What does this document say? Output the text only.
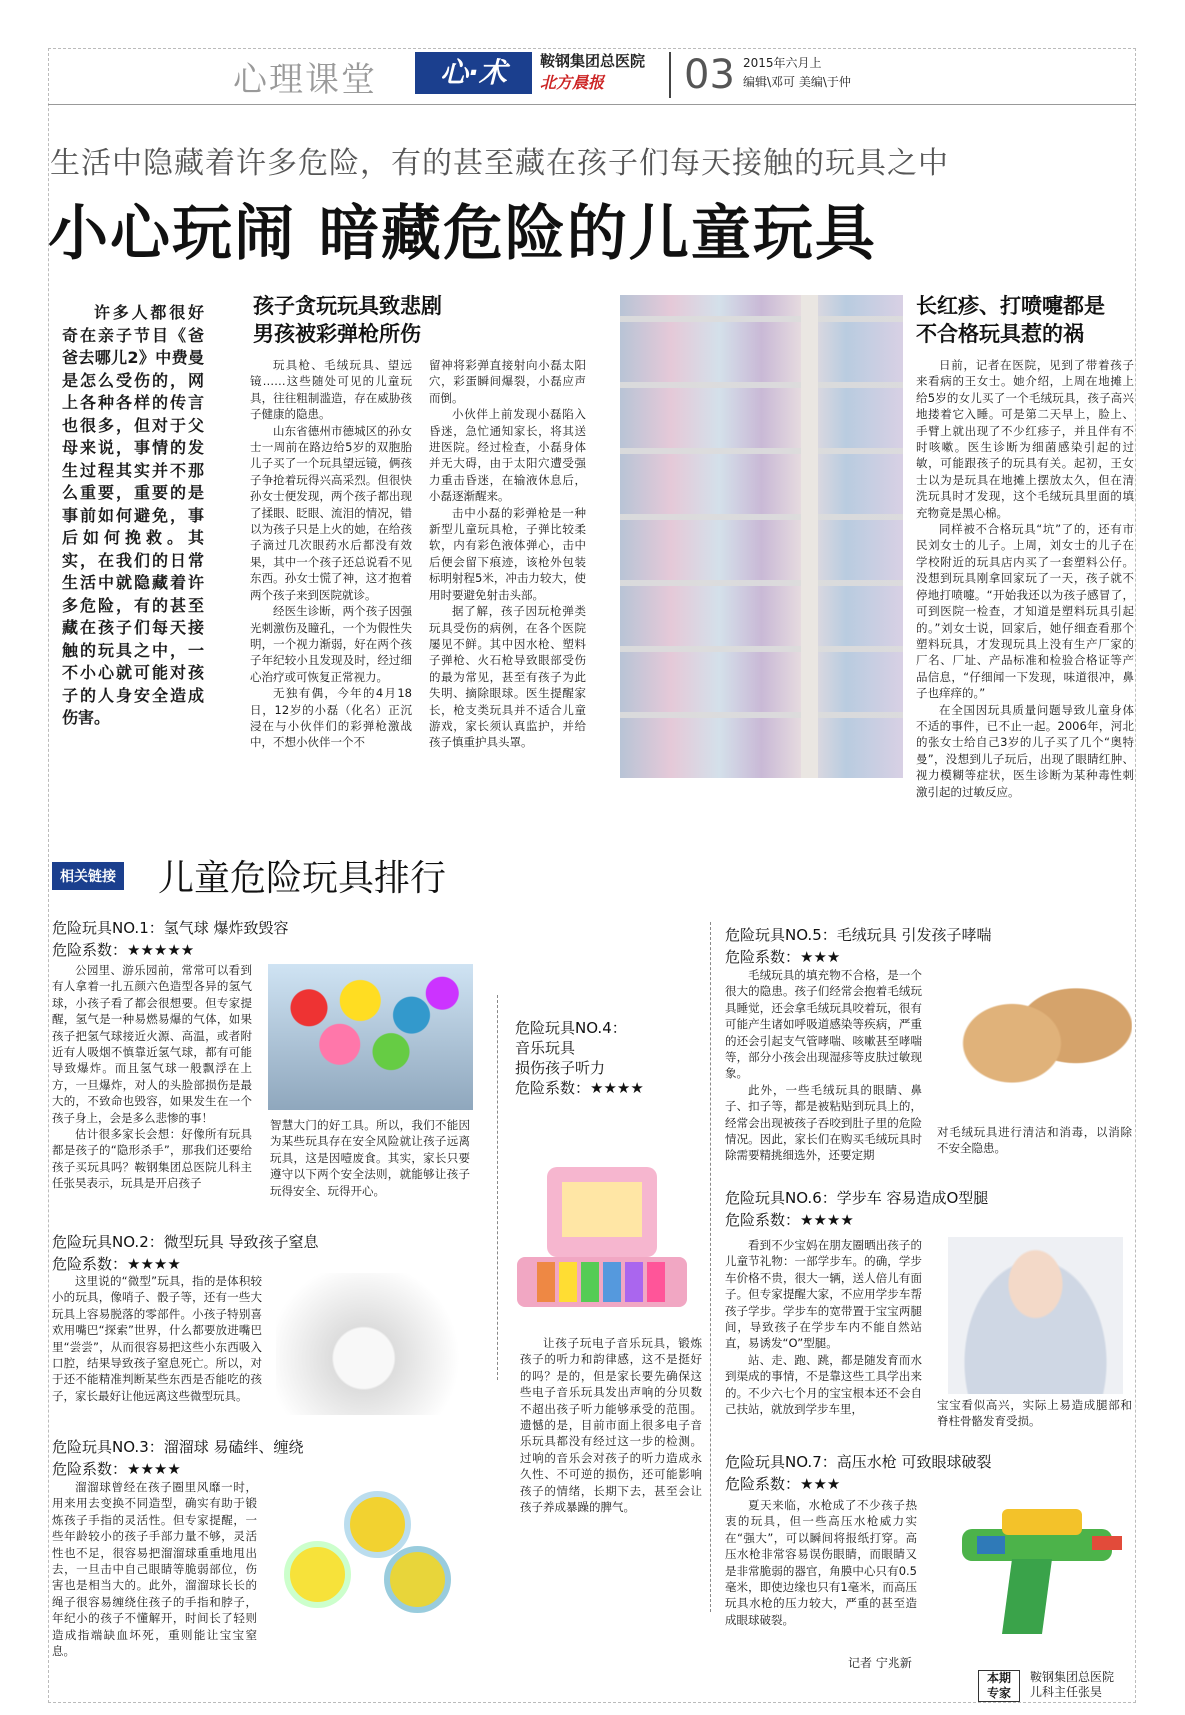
心理课堂	心·术	鞍钢集团总医院
北方晨报 03 2015年六月上
编辑\邓可 美编\于仲
生活中隐藏着许多危险，有的甚至藏在孩子们每天接触的玩具之中
小心玩闹 暗藏危险的儿童玩具
许多人都很好奇在亲子节目《爸爸去哪儿2》中费曼是怎么受伤的，网上各种各样的传言也很多，但对于父母来说，事情的发生过程其实并不那么重要，重要的是事前如何避免，事后如何挽救。其实，在我们的日常生活中就隐藏着许多危险，有的甚至藏在孩子们每天接触的玩具之中，一不小心就可能对孩子的人身安全造成伤害。
孩子贪玩玩具致悲剧
男孩被彩弹枪所伤

玩具枪、毛绒玩具、望远镜……这些随处可见的儿童玩具，往往粗制滥造，存在威胁孩子健康的隐患。

山东省德州市德城区的孙女士一周前在路边给5岁的双胞胎儿子买了一个玩具望远镜，俩孩子争抢着玩得兴高采烈。但很快孙女士便发现，两个孩子都出现了揉眼、眨眼、流泪的情况，错以为孩子只是上火的她，在给孩子滴过几次眼药水后都没有效果，其中一个孩子还总说看不见东西。孙女士慌了神，这才抱着两个孩子来到医院就诊。

经医生诊断，两个孩子因强光刺激伤及瞳孔，一个为假性失明，一个视力渐弱，好在两个孩子年纪较小且发现及时，经过细心治疗或可恢复正常视力。

无独有偶，今年的4月18日，12岁的小磊（化名）正沉浸在与小伙伴们的彩弹枪激战中，不想小伙伴一个不

留神将彩弹直接射向小磊太阳穴，彩蛋瞬间爆裂，小磊应声而倒。

小伙伴上前发现小磊陷入昏迷，急忙通知家长，将其送进医院。经过检查，小磊身体并无大碍，由于太阳穴遭受强力重击昏迷，在输液休息后，小磊逐渐醒来。

击中小磊的彩弹枪是一种新型儿童玩具枪，子弹比较柔软，内有彩色液体弹心，击中后便会留下痕迹，该枪外包装标明射程5米，冲击力较大，使用时要避免射击头部。

据了解，孩子因玩枪弹类玩具受伤的病例，在各个医院屡见不鲜。其中因水枪、塑料子弹枪、火石枪导致眼部受伤的最为常见，甚至有孩子为此失明、摘除眼球。医生提醒家长，枪支类玩具并不适合儿童游戏，家长须认真监护，并给孩子慎重护具头罩。

长红疹、打喷嚏都是
不合格玩具惹的祸

日前，记者在医院，见到了带着孩子来看病的王女士。她介绍，上周在地摊上给5岁的女儿买了一个毛绒玩具，孩子高兴地搂着它入睡。可是第二天早上，脸上、手臂上就出现了不少红疹子，并且伴有不时咳嗽。医生诊断为细菌感染引起的过敏，可能跟孩子的玩具有关。起初，王女士以为是玩具在地摊上摆放太久，但在清洗玩具时才发现，这个毛绒玩具里面的填充物竟是黑心棉。

同样被不合格玩具“坑”了的，还有市民刘女士的儿子。上周，刘女士的儿子在学校附近的玩具店内买了一套塑料公仔。没想到玩具刚拿回家玩了一天，孩子就不停地打喷嚏。“开始我还以为孩子感冒了，可到医院一检查，才知道是塑料玩具引起的。”刘女士说，回家后，她仔细查看那个塑料玩具，才发现玩具上没有生产厂家的厂名、厂址、产品标准和检验合格证等产品信息，“仔细闻一下发现，味道很冲，鼻子也痒痒的。”

在全国因玩具质量问题导致儿童身体不适的事件，已不止一起。2006年，河北的张女士给自己3岁的儿子买了几个“奥特曼”，没想到儿子玩后，出现了眼睛红肿、视力模糊等症状，医生诊断为某种毒性刺激引起的过敏反应。

相关链接 儿童危险玩具排行
危险玩具NO.1：氢气球 爆炸致毁容
危险系数：★★★★★

公园里、游乐园前，常常可以看到有人拿着一扎五颜六色造型各异的氢气球，小孩子看了都会很想要。但专家提醒，氢气是一种易燃易爆的气体，如果孩子把氢气球接近火源、高温，或者附近有人吸烟不慎靠近氢气球，都有可能导致爆炸。而且氢气球一般飘浮在上方，一旦爆炸，对人的头脸部损伤是最大的，不致命也毁容，如果发生在一个孩子身上，会是多么悲惨的事！

估计很多家长会想：好像所有玩具都是孩子的“隐形杀手”，那我们还要给孩子买玩具吗？鞍钢集团总医院儿科主任张昊表示，玩具是开启孩子

智慧大门的好工具。所以，我们不能因为某些玩具存在安全风险就让孩子远离玩具，这是因噎废食。其实，家长只要遵守以下两个安全法则，就能够让孩子玩得安全、玩得开心。
危险玩具NO.2：微型玩具 导致孩子窒息
危险系数：★★★★

这里说的“微型”玩具，指的是体积较小的玩具，像哨子、骰子等，还有一些大玩具上容易脱落的零部件。小孩子特别喜欢用嘴巴“探索”世界，什么都要放进嘴巴里“尝尝”，从而很容易把这些小东西吸入口腔，结果导致孩子窒息死亡。所以，对于还不能精准判断某些东西是否能吃的孩子，家长最好让他远离这些微型玩具。

危险玩具NO.3：溜溜球 易磕绊、缠绕
危险系数：★★★★

溜溜球曾经在孩子圈里风靡一时，用来用去变换不同造型，确实有助于锻炼孩子手指的灵活性。但专家提醒，一些年龄较小的孩子手部力量不够，灵活性也不足，很容易把溜溜球重重地甩出去，一旦击中自己眼睛等脆弱部位，伤害也是相当大的。此外，溜溜球长长的绳子很容易缠绕住孩子的手指和脖子，年纪小的孩子不懂解开，时间长了轻则造成指端缺血坏死，重则能让宝宝窒息。

危险玩具NO.4：
音乐玩具
损伤孩子听力
危险系数：★★★★

让孩子玩电子音乐玩具，锻炼孩子的听力和韵律感，这不是挺好的吗？是的，但是家长要先确保这些电子音乐玩具发出声响的分贝数不超出孩子听力能够承受的范围。遗憾的是，目前市面上很多电子音乐玩具都没有经过这一步的检测。过响的音乐会对孩子的听力造成永久性、不可逆的损伤，还可能影响孩子的情绪，长期下去，甚至会让孩子养成暴躁的脾气。

危险玩具NO.5：毛绒玩具 引发孩子哮喘
危险系数：★★★

毛绒玩具的填充物不合格，是一个很大的隐患。孩子们经常会抱着毛绒玩具睡觉，还会拿毛绒玩具咬着玩，很有可能产生诸如呼吸道感染等疾病，严重的还会引起支气管哮喘、咳嗽甚至哮喘等，部分小孩会出现湿疹等皮肤过敏现象。

此外，一些毛绒玩具的眼睛、鼻子、扣子等，都是被粘贴到玩具上的，经常会出现被孩子吞咬到肚子里的危险情况。因此，家长们在购买毛绒玩具时除需要精挑细选外，还要定期

对毛绒玩具进行清洁和消毒，以消除不安全隐患。
危险玩具NO.6：学步车 容易造成O型腿
危险系数：★★★★

看到不少宝妈在朋友圈晒出孩子的儿童节礼物：一部学步车。的确，学步车价格不贵，很大一辆，送人倍儿有面子。但专家提醒大家，不应用学步车帮孩子学步。学步车的宽带置于宝宝两腿间，导致孩子在学步车内不能自然站直，易诱发“O”型腿。

站、走、跑、跳，都是随发育而水到渠成的事情，不是靠这些工具学出来的。不少六七个月的宝宝根本还不会自己扶站，就放到学步车里，	宝宝看似高兴，实际上易造成腿部和脊柱骨骼发育受损。
危险玩具NO.7：高压水枪 可致眼球破裂
危险系数：★★★

夏天来临，水枪成了不少孩子热衷的玩具，但一些高压水枪威力实在“强大”，可以瞬间将报纸打穿。高压水枪非常容易误伤眼睛，而眼睛又是非常脆弱的器官，角膜中心只有0.5毫米，即使边缘也只有1毫米，而高压玩具水枪的压力较大，严重的甚至造成眼球破裂。

记者 宁兆新
本期
专家
鞍钢集团总医院
儿科主任张昊
